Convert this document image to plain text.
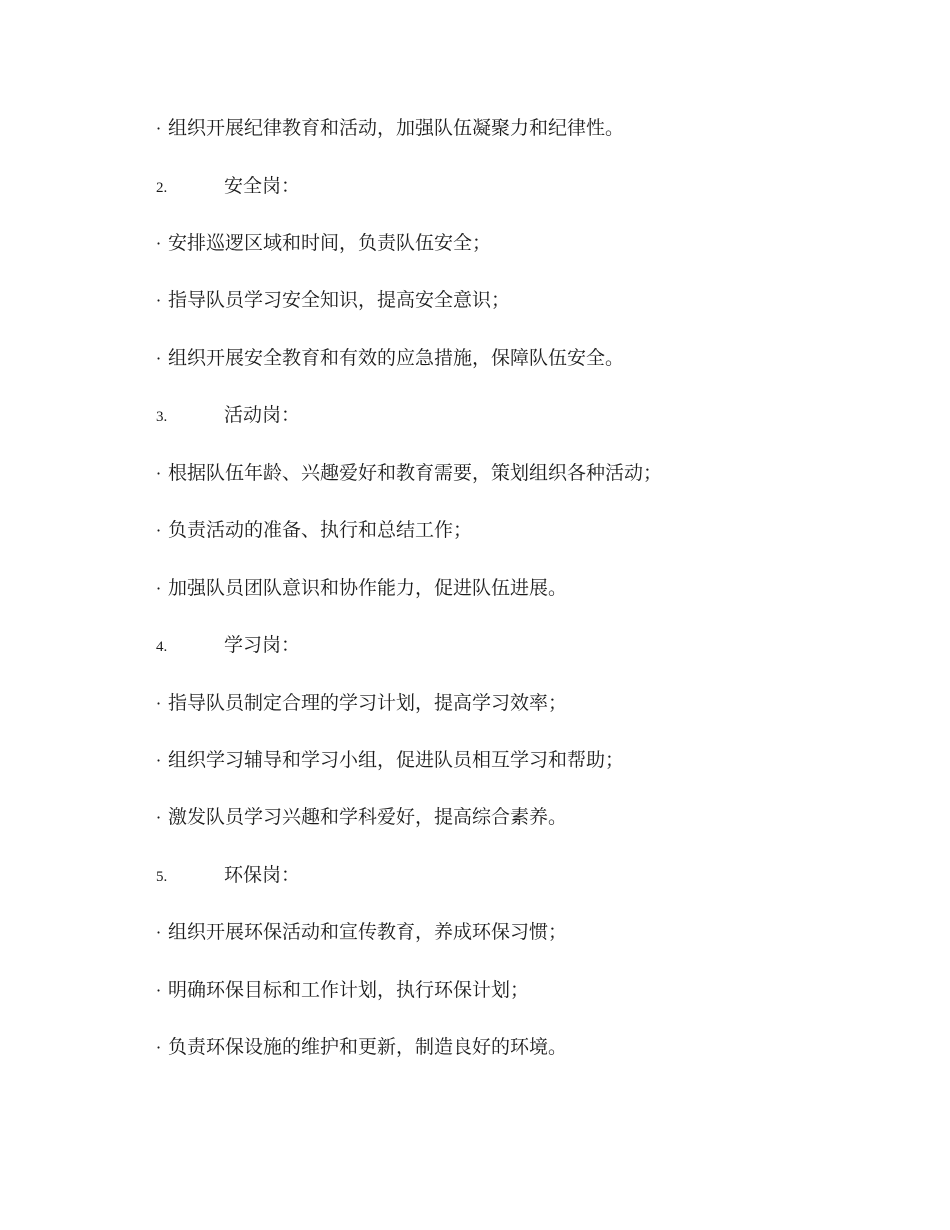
· 组织开展纪律教育和活动，加强队伍凝聚力和纪律性。
2.	安全岗：
· 安排巡逻区域和时间，负责队伍安全；
· 指导队员学习安全知识，提高安全意识；
· 组织开展安全教育和有效的应急措施，保障队伍安全。
3.	活动岗：
· 根据队伍年龄、兴趣爱好和教育需要，策划组织各种活动；
· 负责活动的准备、执行和总结工作；
· 加强队员团队意识和协作能力，促进队伍进展。
4.	学习岗：
· 指导队员制定合理的学习计划，提高学习效率；
· 组织学习辅导和学习小组，促进队员相互学习和帮助；
· 激发队员学习兴趣和学科爱好，提高综合素养。
5.	环保岗：
· 组织开展环保活动和宣传教育，养成环保习惯；
· 明确环保目标和工作计划，执行环保计划；
· 负责环保设施的维护和更新，制造良好的环境。
